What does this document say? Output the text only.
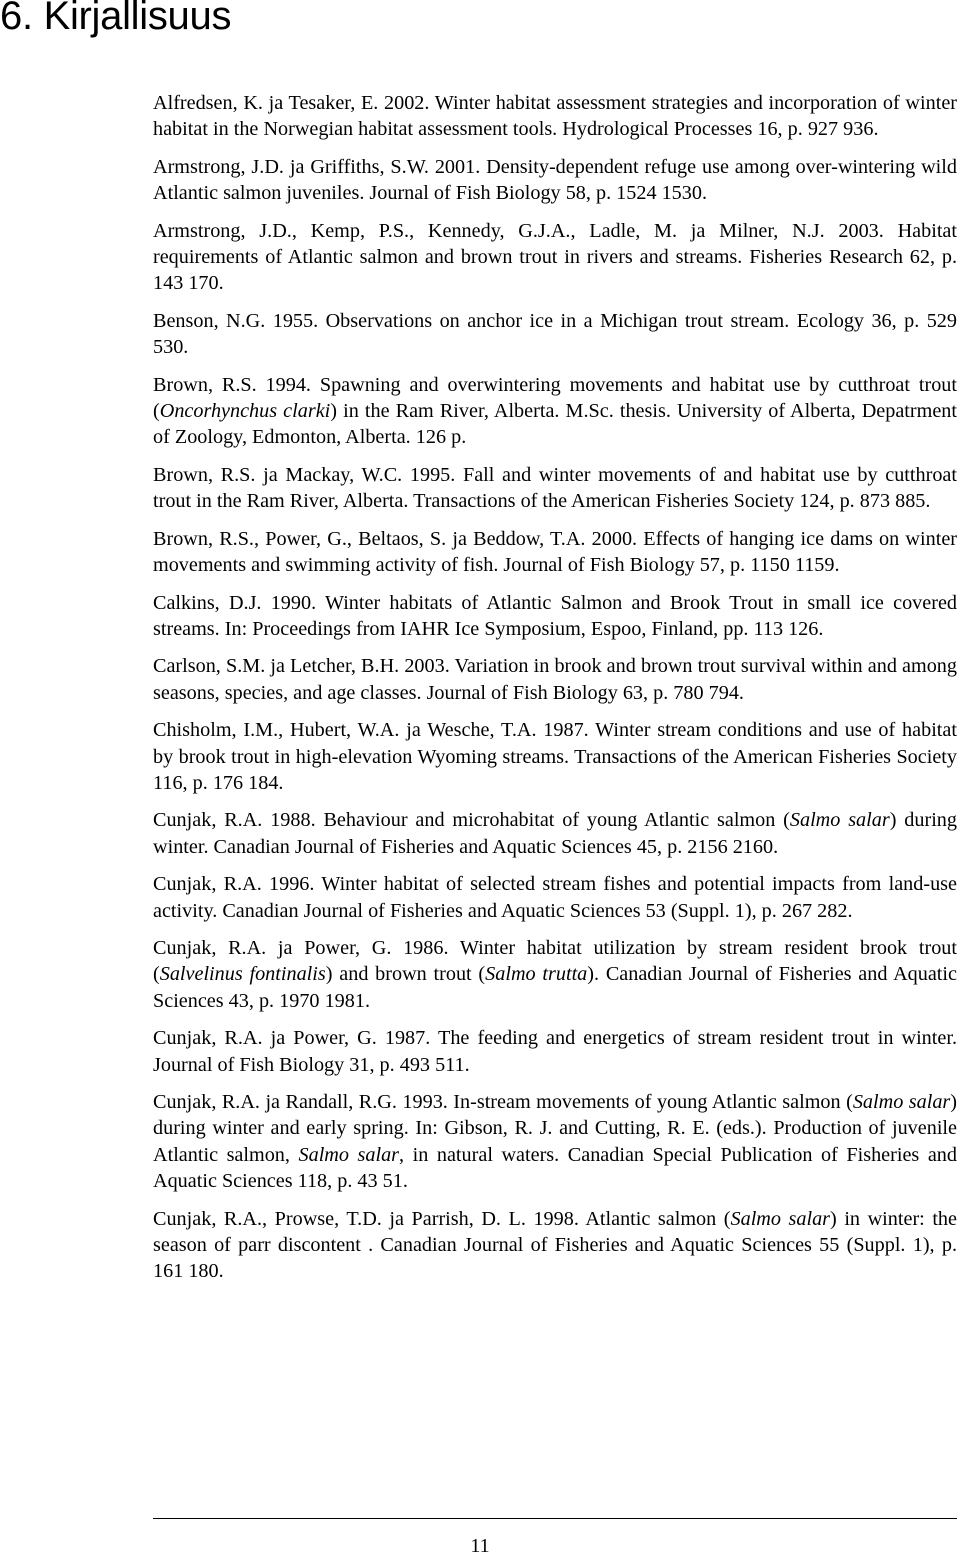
6. Kirjallisuus

Alfredsen, K. ja Tesaker, E. 2002. Winter habitat assessment strategies and incorporation of winter habitat in the Norwegian habitat assessment tools. Hydrological Processes 16, p. 927 936.

Armstrong, J.D. ja Griffiths, S.W. 2001. Density-dependent refuge use among over-wintering wild Atlantic salmon juveniles. Journal of Fish Biology 58, p. 1524 1530.

Armstrong, J.D., Kemp, P.S., Kennedy, G.J.A., Ladle, M. ja Milner, N.J. 2003. Habitat requirements of Atlantic salmon and brown trout in rivers and streams. Fisheries Research 62, p. 143 170.

Benson, N.G. 1955. Observations on anchor ice in a Michigan trout stream. Ecology 36, p. 529 530.

Brown, R.S. 1994. Spawning and overwintering movements and habitat use by cutthroat trout (Oncorhynchus clarki) in the Ram River, Alberta. M.Sc. thesis. University of Alberta, Depatrment of Zoology, Edmonton, Alberta. 126 p.

Brown, R.S. ja Mackay, W.C. 1995. Fall and winter movements of and habitat use by cutthroat trout in the Ram River, Alberta. Transactions of the American Fisheries Society 124, p. 873 885.

Brown, R.S., Power, G., Beltaos, S. ja Beddow, T.A. 2000. Effects of hanging ice dams on winter movements and swimming activity of fish. Journal of Fish Biology 57, p. 1150 1159.

Calkins, D.J. 1990. Winter habitats of Atlantic Salmon and Brook Trout in small ice covered streams. In: Proceedings from IAHR Ice Symposium, Espoo, Finland, pp. 113 126.

Carlson, S.M. ja Letcher, B.H. 2003. Variation in brook and brown trout survival within and among seasons, species, and age classes. Journal of Fish Biology 63, p. 780 794.

Chisholm, I.M., Hubert, W.A. ja Wesche, T.A. 1987. Winter stream conditions and use of habitat by brook trout in high-elevation Wyoming streams. Transactions of the American Fisheries Society 116, p. 176 184.

Cunjak, R.A. 1988. Behaviour and microhabitat of young Atlantic salmon (Salmo salar) during winter. Canadian Journal of Fisheries and Aquatic Sciences 45, p. 2156 2160.

Cunjak, R.A. 1996. Winter habitat of selected stream fishes and potential impacts from land-use activity. Canadian Journal of Fisheries and Aquatic Sciences 53 (Suppl. 1), p. 267 282.

Cunjak, R.A. ja Power, G. 1986. Winter habitat utilization by stream resident brook trout (Salvelinus fontinalis) and brown trout (Salmo trutta). Canadian Journal of Fisheries and Aquatic Sciences 43, p. 1970 1981.

Cunjak, R.A. ja Power, G. 1987. The feeding and energetics of stream resident trout in winter. Journal of Fish Biology 31, p. 493 511.

Cunjak, R.A. ja Randall, R.G. 1993. In-stream movements of young Atlantic salmon (Salmo salar) during winter and early spring. In: Gibson, R. J. and Cutting, R. E. (eds.). Production of juvenile Atlantic salmon, Salmo salar, in natural waters. Canadian Special Publication of Fisheries and Aquatic Sciences 118, p. 43 51.

Cunjak, R.A., Prowse, T.D. ja Parrish, D. L. 1998. Atlantic salmon (Salmo salar) in winter: the season of parr discontent . Canadian Journal of Fisheries and Aquatic Sciences 55 (Suppl. 1), p. 161 180.

11
